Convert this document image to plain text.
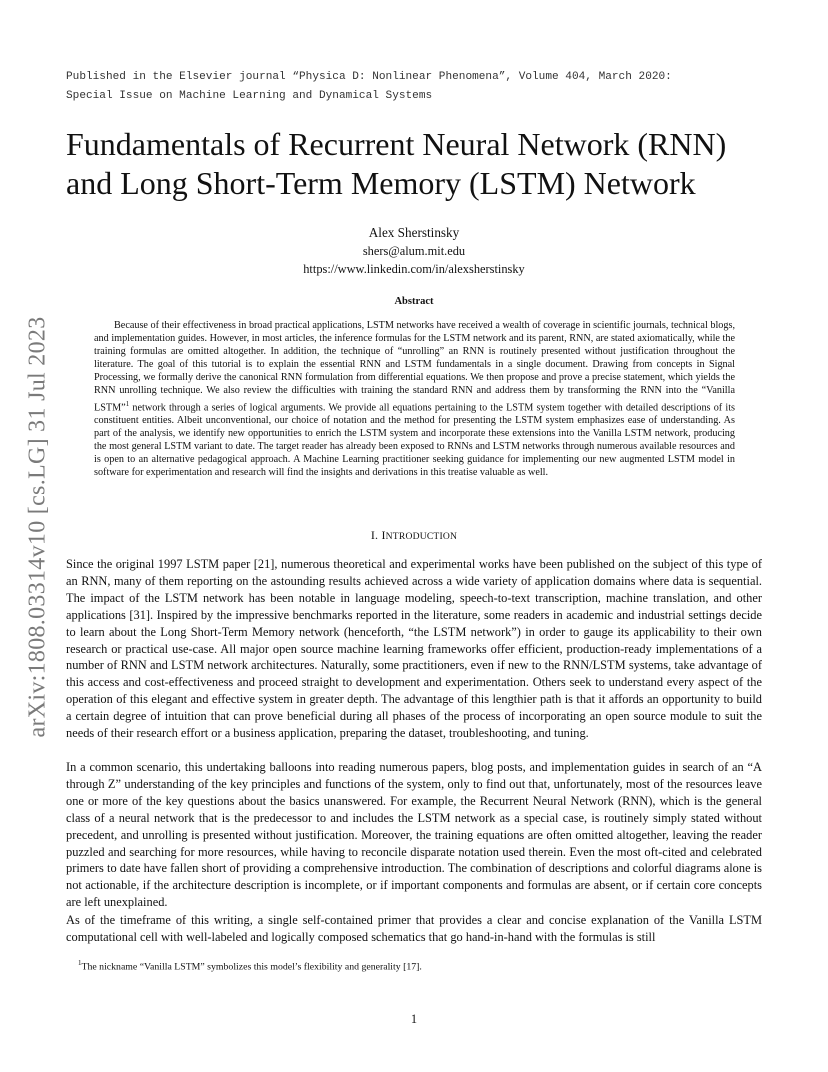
arXiv:1808.03314v10 [cs.LG] 31 Jul 2023
Published in the Elsevier journal “Physica D: Nonlinear Phenomena”, Volume 404, March 2020:
Special Issue on Machine Learning and Dynamical Systems
Fundamentals of Recurrent Neural Network (RNN)
and Long Short-Term Memory (LSTM) Network
Alex Sherstinsky
shers@alum.mit.edu
https://www.linkedin.com/in/alexsherstinsky
Abstract

Because of their effectiveness in broad practical applications, LSTM networks have received a wealth of coverage in scientific journals, technical blogs, and implementation guides. However, in most articles, the inference formulas for the LSTM network and its parent, RNN, are stated axiomatically, while the training formulas are omitted altogether. In addition, the technique of “unrolling” an RNN is routinely presented without justification throughout the literature. The goal of this tutorial is to explain the essential RNN and LSTM fundamentals in a single document. Drawing from concepts in Signal Processing, we formally derive the canonical RNN formulation from differential equations. We then propose and prove a precise statement, which yields the RNN unrolling technique. We also review the difficulties with training the standard RNN and address them by transforming the RNN into the “Vanilla LSTM”$^1$ network through a series of logical arguments. We provide all equations pertaining to the LSTM system together with detailed descriptions of its constituent entities. Albeit unconventional, our choice of notation and the method for presenting the LSTM system emphasizes ease of understanding. As part of the analysis, we identify new opportunities to enrich the LSTM system and incorporate these extensions into the Vanilla LSTM network, producing the most general LSTM variant to date. The target reader has already been exposed to RNNs and LSTM networks through numerous available resources and is open to an alternative pedagogical approach. A Machine Learning practitioner seeking guidance for implementing our new augmented LSTM model in software for experimentation and research will find the insights and derivations in this treatise valuable as well.

I. INTRODUCTION

Since the original 1997 LSTM paper [21], numerous theoretical and experimental works have been published on the subject of this type of an RNN, many of them reporting on the astounding results achieved across a wide variety of application domains where data is sequential. The impact of the LSTM network has been notable in language modeling, speech-to-text transcription, machine translation, and other applications [31]. Inspired by the impressive benchmarks reported in the literature, some readers in academic and industrial settings decide to learn about the Long Short-Term Memory network (henceforth, “the LSTM network”) in order to gauge its applicability to their own research or practical use-case. All major open source machine learning frameworks offer efficient, production-ready implementations of a number of RNN and LSTM network architectures. Naturally, some practitioners, even if new to the RNN/LSTM systems, take advantage of this access and cost-effectiveness and proceed straight to development and experimentation. Others seek to understand every aspect of the operation of this elegant and effective system in greater depth. The advantage of this lengthier path is that it affords an opportunity to build a certain degree of intuition that can prove beneficial during all phases of the process of incorporating an open source module to suit the needs of their research effort or a business application, preparing the dataset, troubleshooting, and tuning.

In a common scenario, this undertaking balloons into reading numerous papers, blog posts, and implementation guides in search of an “A through Z” understanding of the key principles and functions of the system, only to find out that, unfortunately, most of the resources leave one or more of the key questions about the basics unanswered. For example, the Recurrent Neural Network (RNN), which is the general class of a neural network that is the predecessor to and includes the LSTM network as a special case, is routinely simply stated without precedent, and unrolling is presented without justification. Moreover, the training equations are often omitted altogether, leaving the reader puzzled and searching for more resources, while having to reconcile disparate notation used therein. Even the most oft-cited and celebrated primers to date have fallen short of providing a comprehensive introduction. The combination of descriptions and colorful diagrams alone is not actionable, if the architecture description is incomplete, or if important components and formulas are absent, or if certain core concepts are left unexplained.

As of the timeframe of this writing, a single self-contained primer that provides a clear and concise explanation of the Vanilla LSTM computational cell with well-labeled and logically composed schematics that go hand-in-hand with the formulas is still

$^1$The nickname “Vanilla LSTM” symbolizes this model’s flexibility and generality [17].
1
